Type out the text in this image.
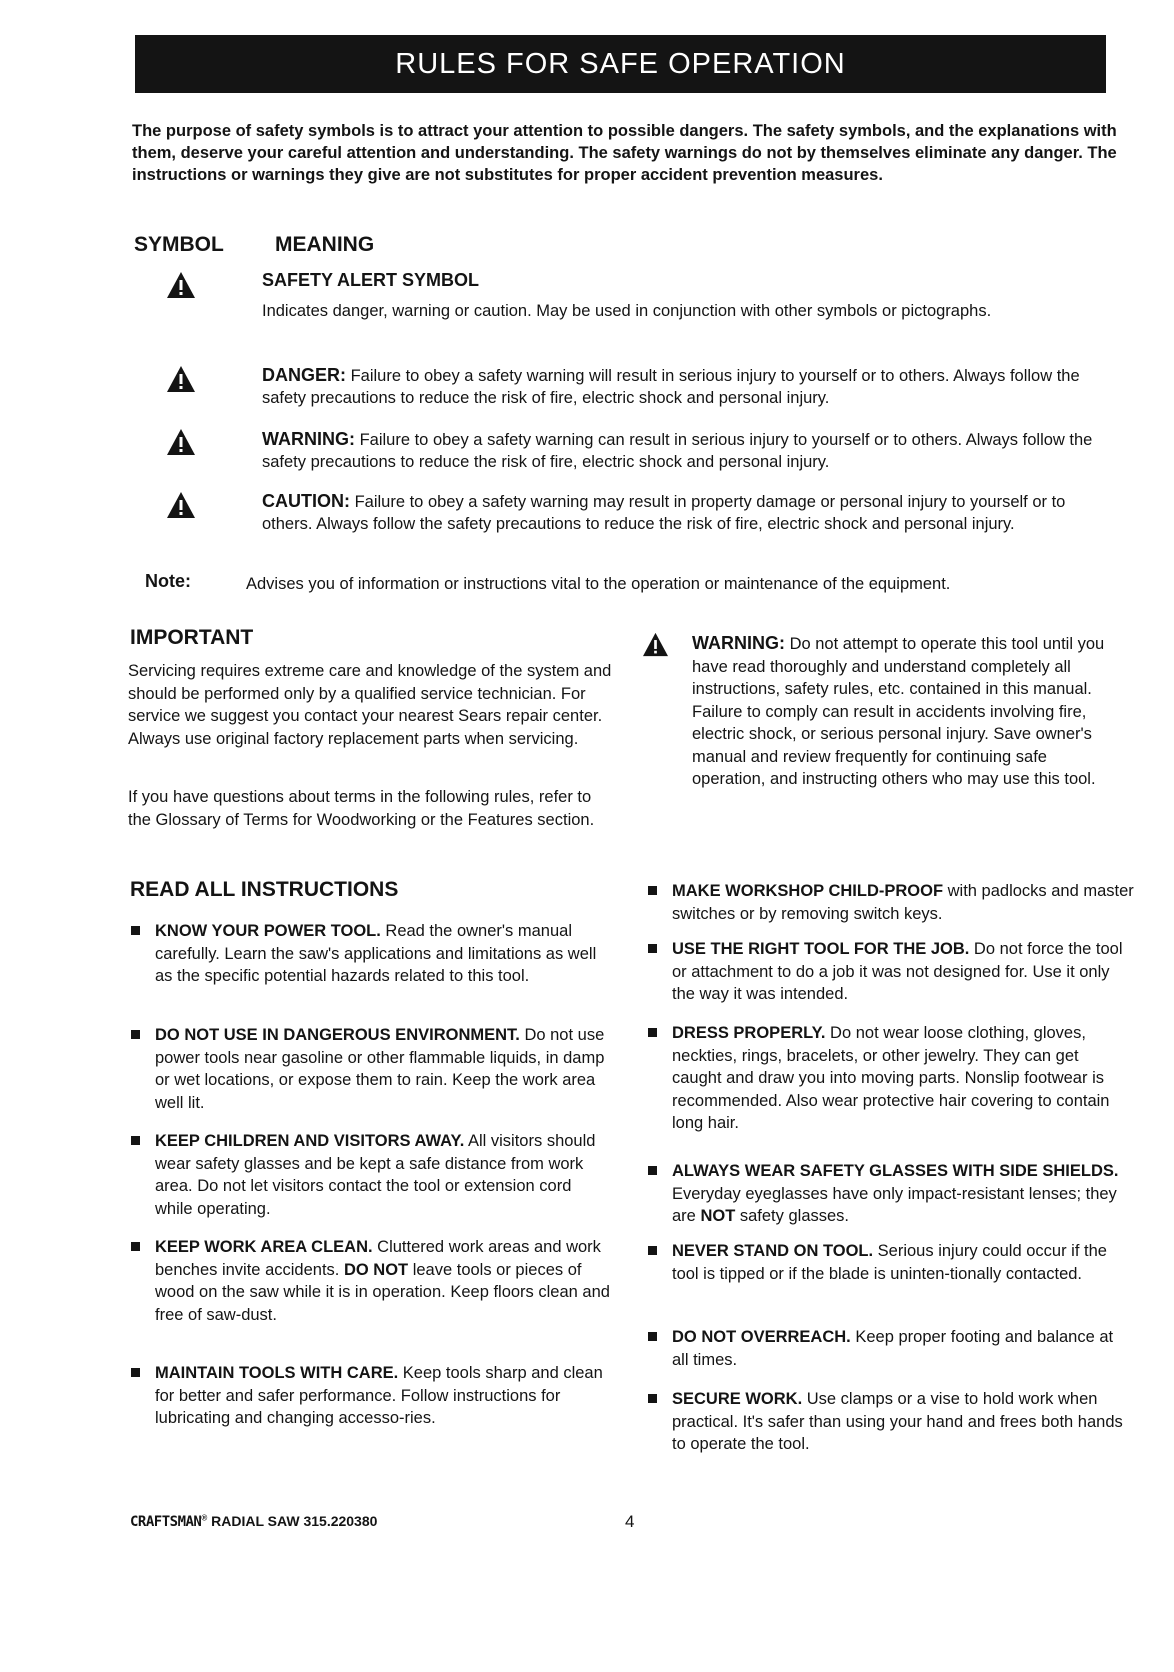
RULES FOR SAFE OPERATION
The purpose of safety symbols is to attract your attention to possible dangers. The safety symbols, and the explanations with them, deserve your careful attention and understanding. The safety warnings do not by themselves eliminate any danger. The instructions or warnings they give are not substitutes for proper accident prevention measures.
SYMBOL MEANING
SAFETY ALERT SYMBOL
Indicates danger, warning or caution. May be used in conjunction with other symbols or pictographs.
DANGER: Failure to obey a safety warning will result in serious injury to yourself or to others. Always follow the safety precautions to reduce the risk of fire, electric shock and personal injury.
WARNING: Failure to obey a safety warning can result in serious injury to yourself or to others. Always follow the safety precautions to reduce the risk of fire, electric shock and personal injury.
CAUTION: Failure to obey a safety warning may result in property damage or personal injury to yourself or to others. Always follow the safety precautions to reduce the risk of fire, electric shock and personal injury.
Note:	Advises you of information or instructions vital to the operation or maintenance of the equipment.
IMPORTANT
Servicing requires extreme care and knowledge of the system and should be performed only by a qualified service technician. For service we suggest you contact your nearest Sears repair center. Always use original factory replacement parts when servicing.
If you have questions about terms in the following rules, refer to the Glossary of Terms for Woodworking or the Features section.
WARNING: Do not attempt to operate this tool until you have read thoroughly and understand completely all instructions, safety rules, etc. contained in this manual. Failure to comply can result in accidents involving fire, electric shock, or serious personal injury. Save owner's manual and review frequently for continuing safe operation, and instructing others who may use this tool.
READ ALL INSTRUCTIONS
KNOW YOUR POWER TOOL. Read the owner's manual carefully. Learn the saw's applications and limitations as well as the specific potential hazards related to this tool.
DO NOT USE IN DANGEROUS ENVIRONMENT. Do not use power tools near gasoline or other flammable liquids, in damp or wet locations, or expose them to rain. Keep the work area well lit.
KEEP CHILDREN AND VISITORS AWAY. All visitors should wear safety glasses and be kept a safe distance from work area. Do not let visitors contact the tool or extension cord while operating.
KEEP WORK AREA CLEAN. Cluttered work areas and work benches invite accidents. DO NOT leave tools or pieces of wood on the saw while it is in operation. Keep floors clean and free of saw-dust.
MAINTAIN TOOLS WITH CARE. Keep tools sharp and clean for better and safer performance. Follow instructions for lubricating and changing accesso-ries.
MAKE WORKSHOP CHILD-PROOF with padlocks and master switches or by removing switch keys.
USE THE RIGHT TOOL FOR THE JOB. Do not force the tool or attachment to do a job it was not designed for. Use it only the way it was intended.
DRESS PROPERLY. Do not wear loose clothing, gloves, neckties, rings, bracelets, or other jewelry. They can get caught and draw you into moving parts. Nonslip footwear is recommended. Also wear protective hair covering to contain long hair.
ALWAYS WEAR SAFETY GLASSES WITH SIDE SHIELDS. Everyday eyeglasses have only impact-resistant lenses; they are NOT safety glasses.
NEVER STAND ON TOOL. Serious injury could occur if the tool is tipped or if the blade is uninten-tionally contacted.
DO NOT OVERREACH. Keep proper footing and balance at all times.
SECURE WORK. Use clamps or a vise to hold work when practical. It's safer than using your hand and frees both hands to operate the tool.
CRAFTSMAN® RADIAL SAW 315.220380	4
